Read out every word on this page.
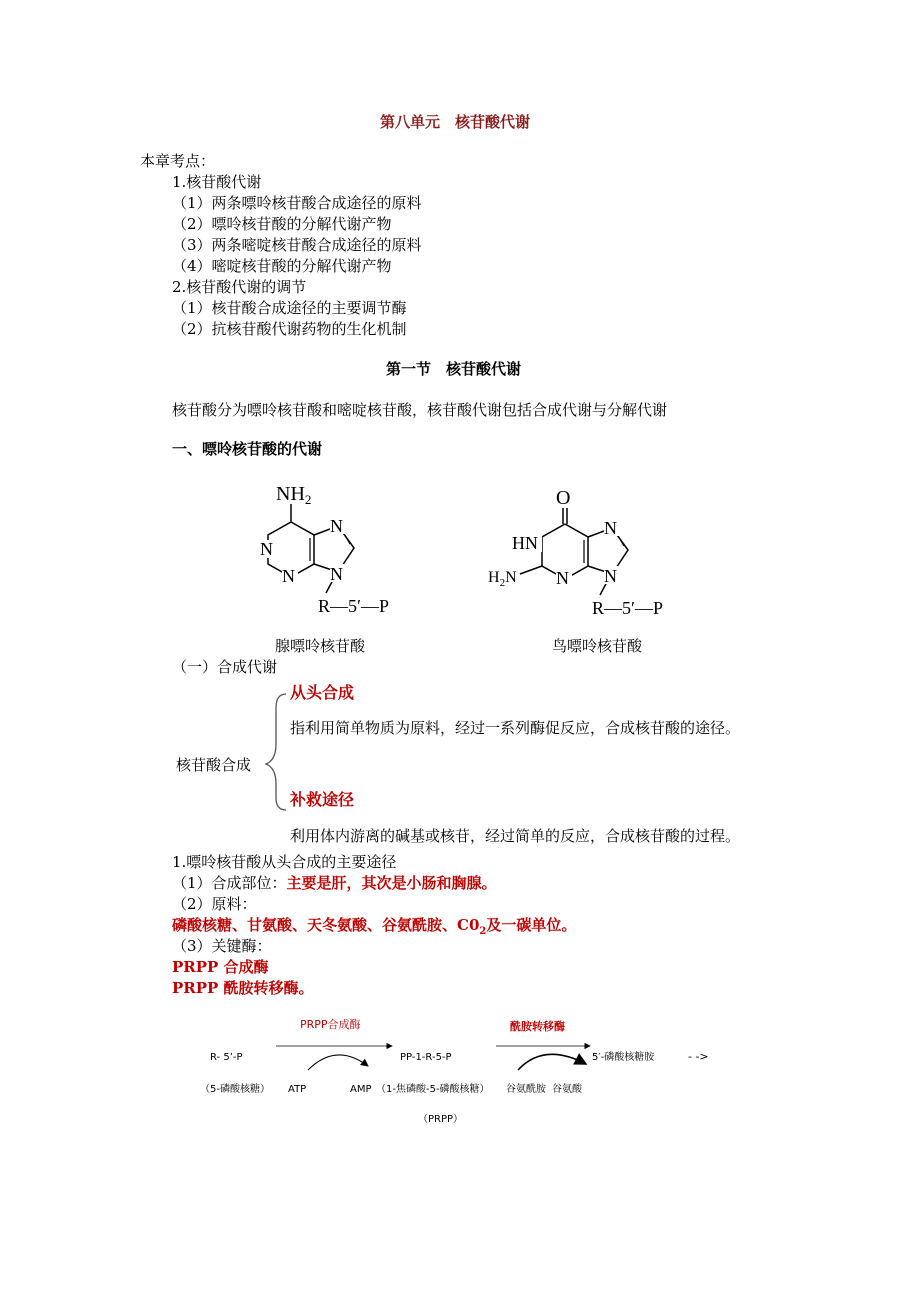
第八单元　核苷酸代谢
本章考点：
1.核苷酸代谢
（1）两条嘌呤核苷酸合成途径的原料
（2）嘌呤核苷酸的分解代谢产物
（3）两条嘧啶核苷酸合成途径的原料
（4）嘧啶核苷酸的分解代谢产物
2.核苷酸代谢的调节
（1）核苷酸合成途径的主要调节酶
（2）抗核苷酸代谢药物的生化机制
第一节　核苷酸代谢
核苷酸分为嘌呤核苷酸和嘧啶核苷酸，核苷酸代谢包括合成代谢与分解代谢
一、嘌呤核苷酸的代谢
$NH_2$
N
N
N
N
R—5′—P
O
HN
N
N
N
$H_2N$
R—5′—P
腺嘌呤核苷酸	鸟嘌呤核苷酸
（一）合成代谢
从头合成
指利用简单物质为原料，经过一系列酶促反应，合成核苷酸的途径。
核苷酸合成
补救途径
利用体内游离的碱基或核苷，经过简单的反应，合成核苷酸的过程。
1.嘌呤核苷酸从头合成的主要途径
（1）合成部位：主要是肝，其次是小肠和胸腺。
（2）原料：
磷酸核糖、甘氨酸、天冬氨酸、谷氨酰胺、$C0_2$及一碳单位。
（3）关键酶：
PRPP 合成酶
PRPP 酰胺转移酶。
PRPP合成酶	酰胺转移酶
R- 5’-P	PP-1-R-5-P	5′-磷酸核糖胺	- ->
（5-磷酸核糖） ATP	AMP （1-焦磷酸-5-磷酸核糖） 谷氨酰胺 谷氨酸
（PRPP）
